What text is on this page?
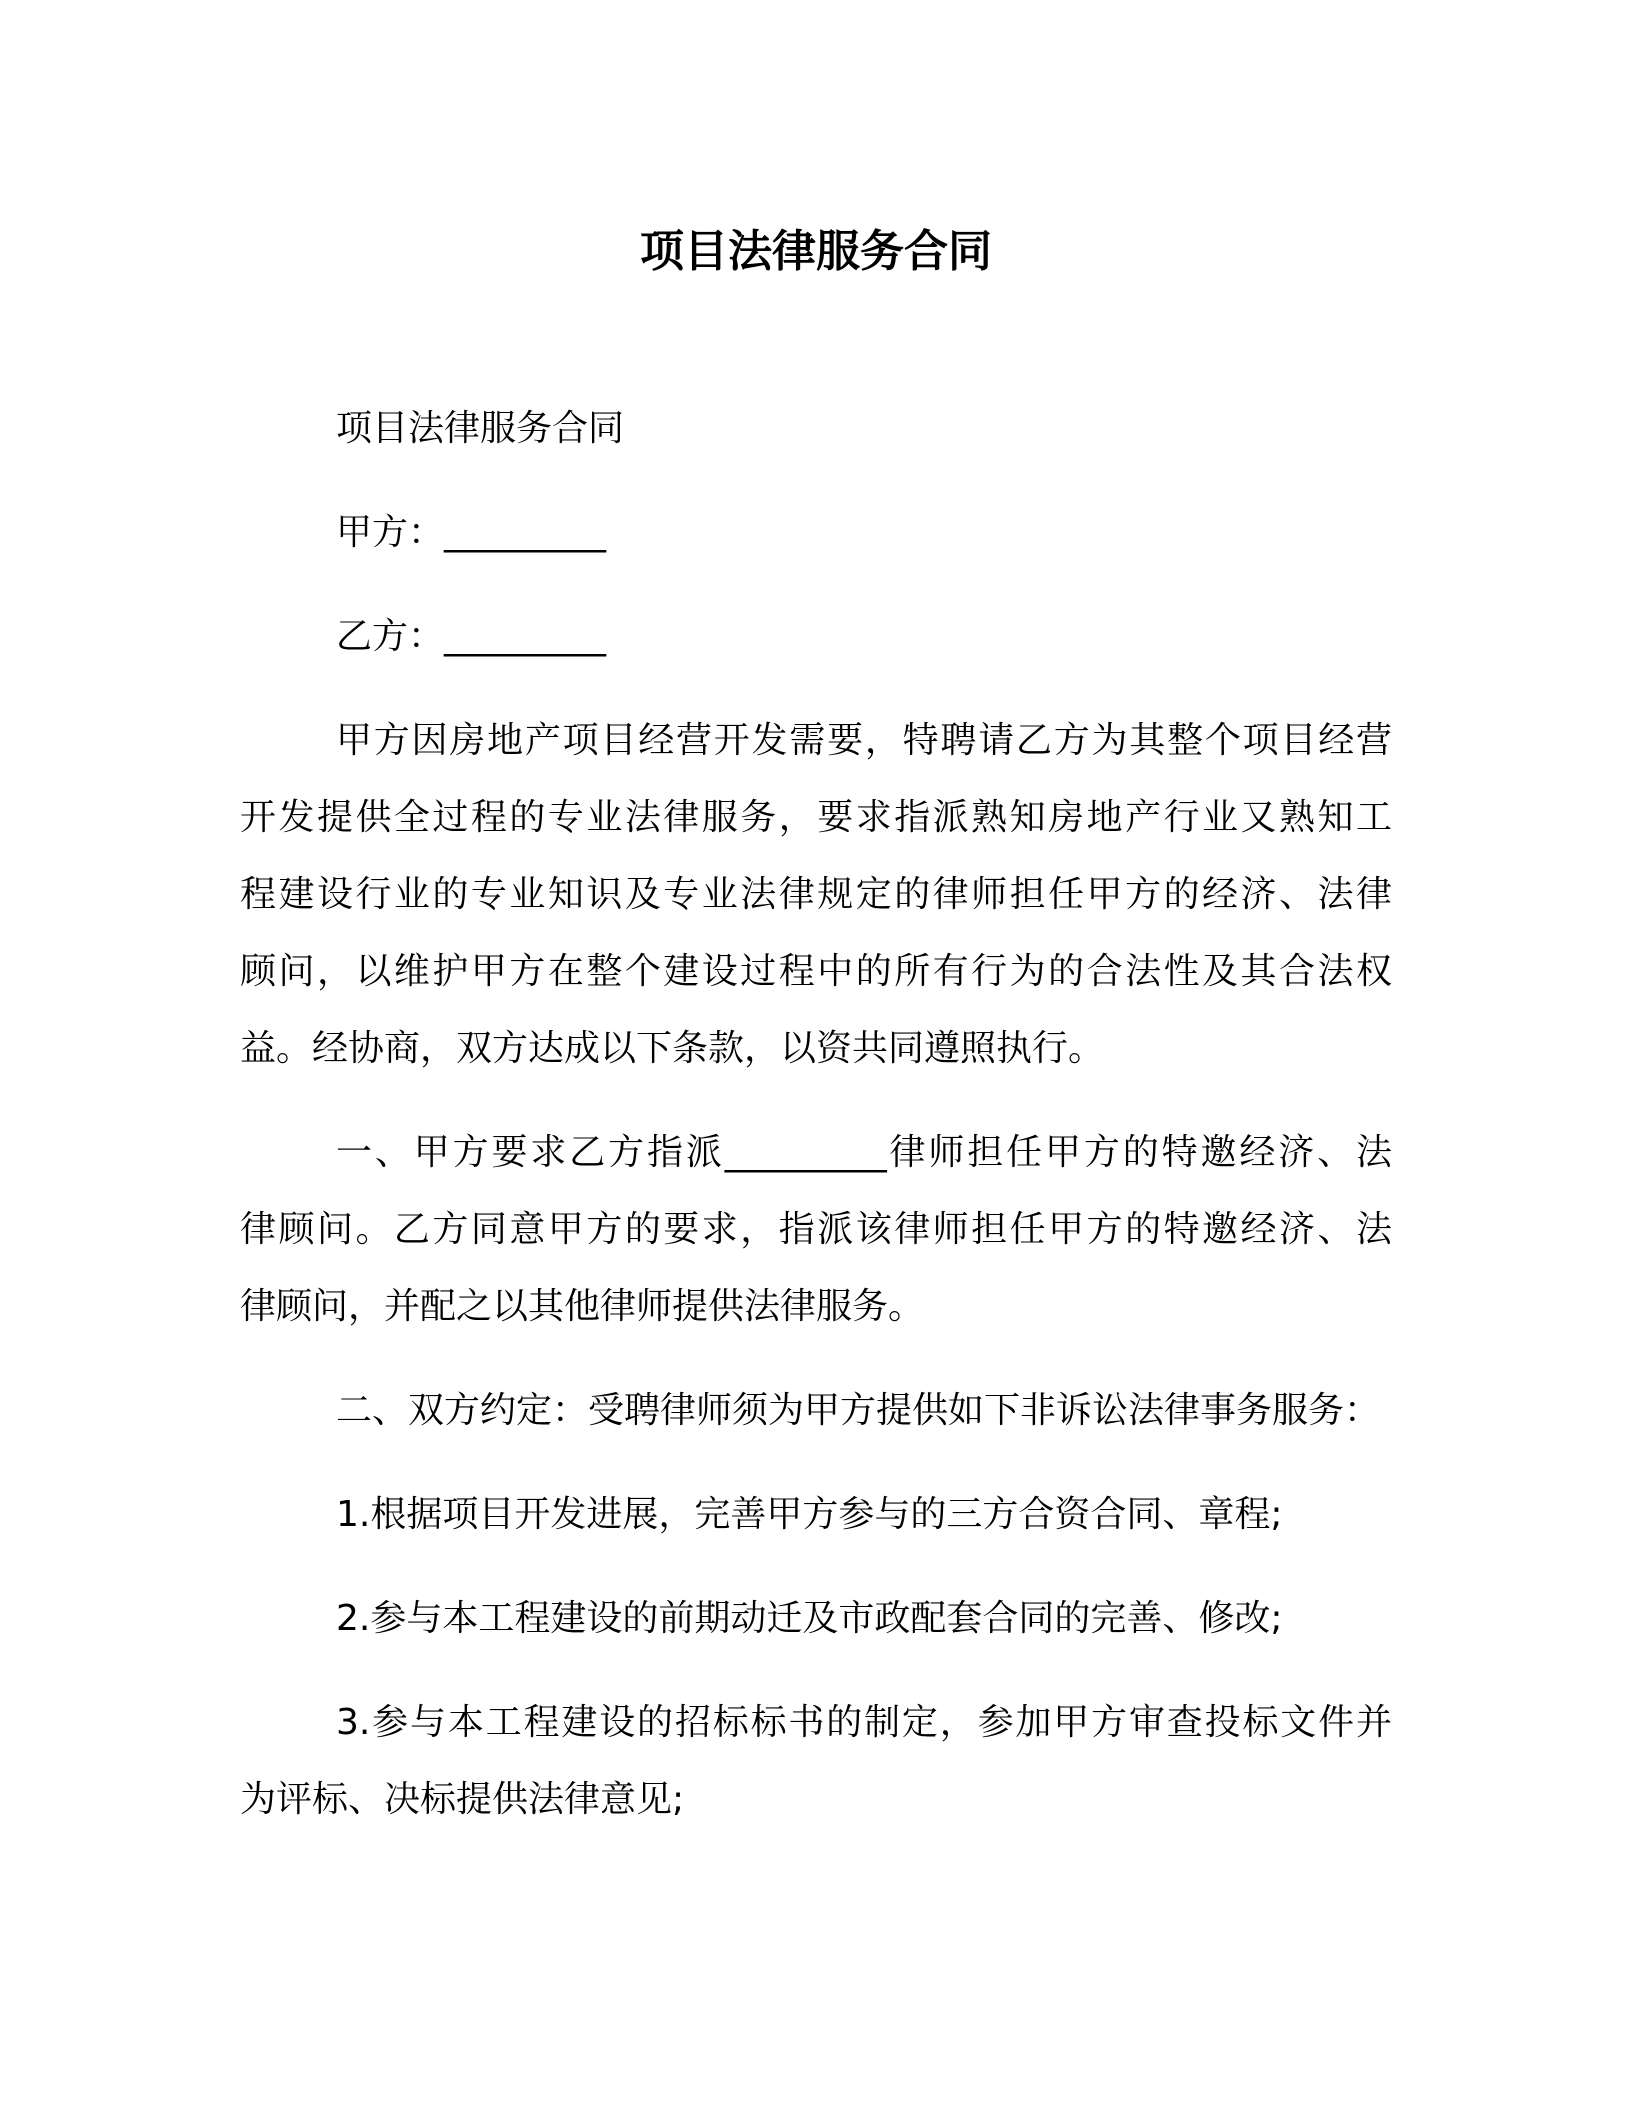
项目法律服务合同

项目法律服务合同

甲方：_________

乙方：_________

甲方因房地产项目经营开发需要，特聘请乙方为其整个项目经营
开发提供全过程的专业法律服务，要求指派熟知房地产行业又熟知工
程建设行业的专业知识及专业法律规定的律师担任甲方的经济、法律
顾问，以维护甲方在整个建设过程中的所有行为的合法性及其合法权
益。经协商，双方达成以下条款，以资共同遵照执行。
一、甲方要求乙方指派_________律师担任甲方的特邀经济、法
律顾问。乙方同意甲方的要求，指派该律师担任甲方的特邀经济、法
律顾问，并配之以其他律师提供法律服务。

二、双方约定：受聘律师须为甲方提供如下非诉讼法律事务服务：

1.根据项目开发进展，完善甲方参与的三方合资合同、章程;

2.参与本工程建设的前期动迁及市政配套合同的完善、修改;

3.参与本工程建设的招标标书的制定，参加甲方审查投标文件并
为评标、决标提供法律意见;
